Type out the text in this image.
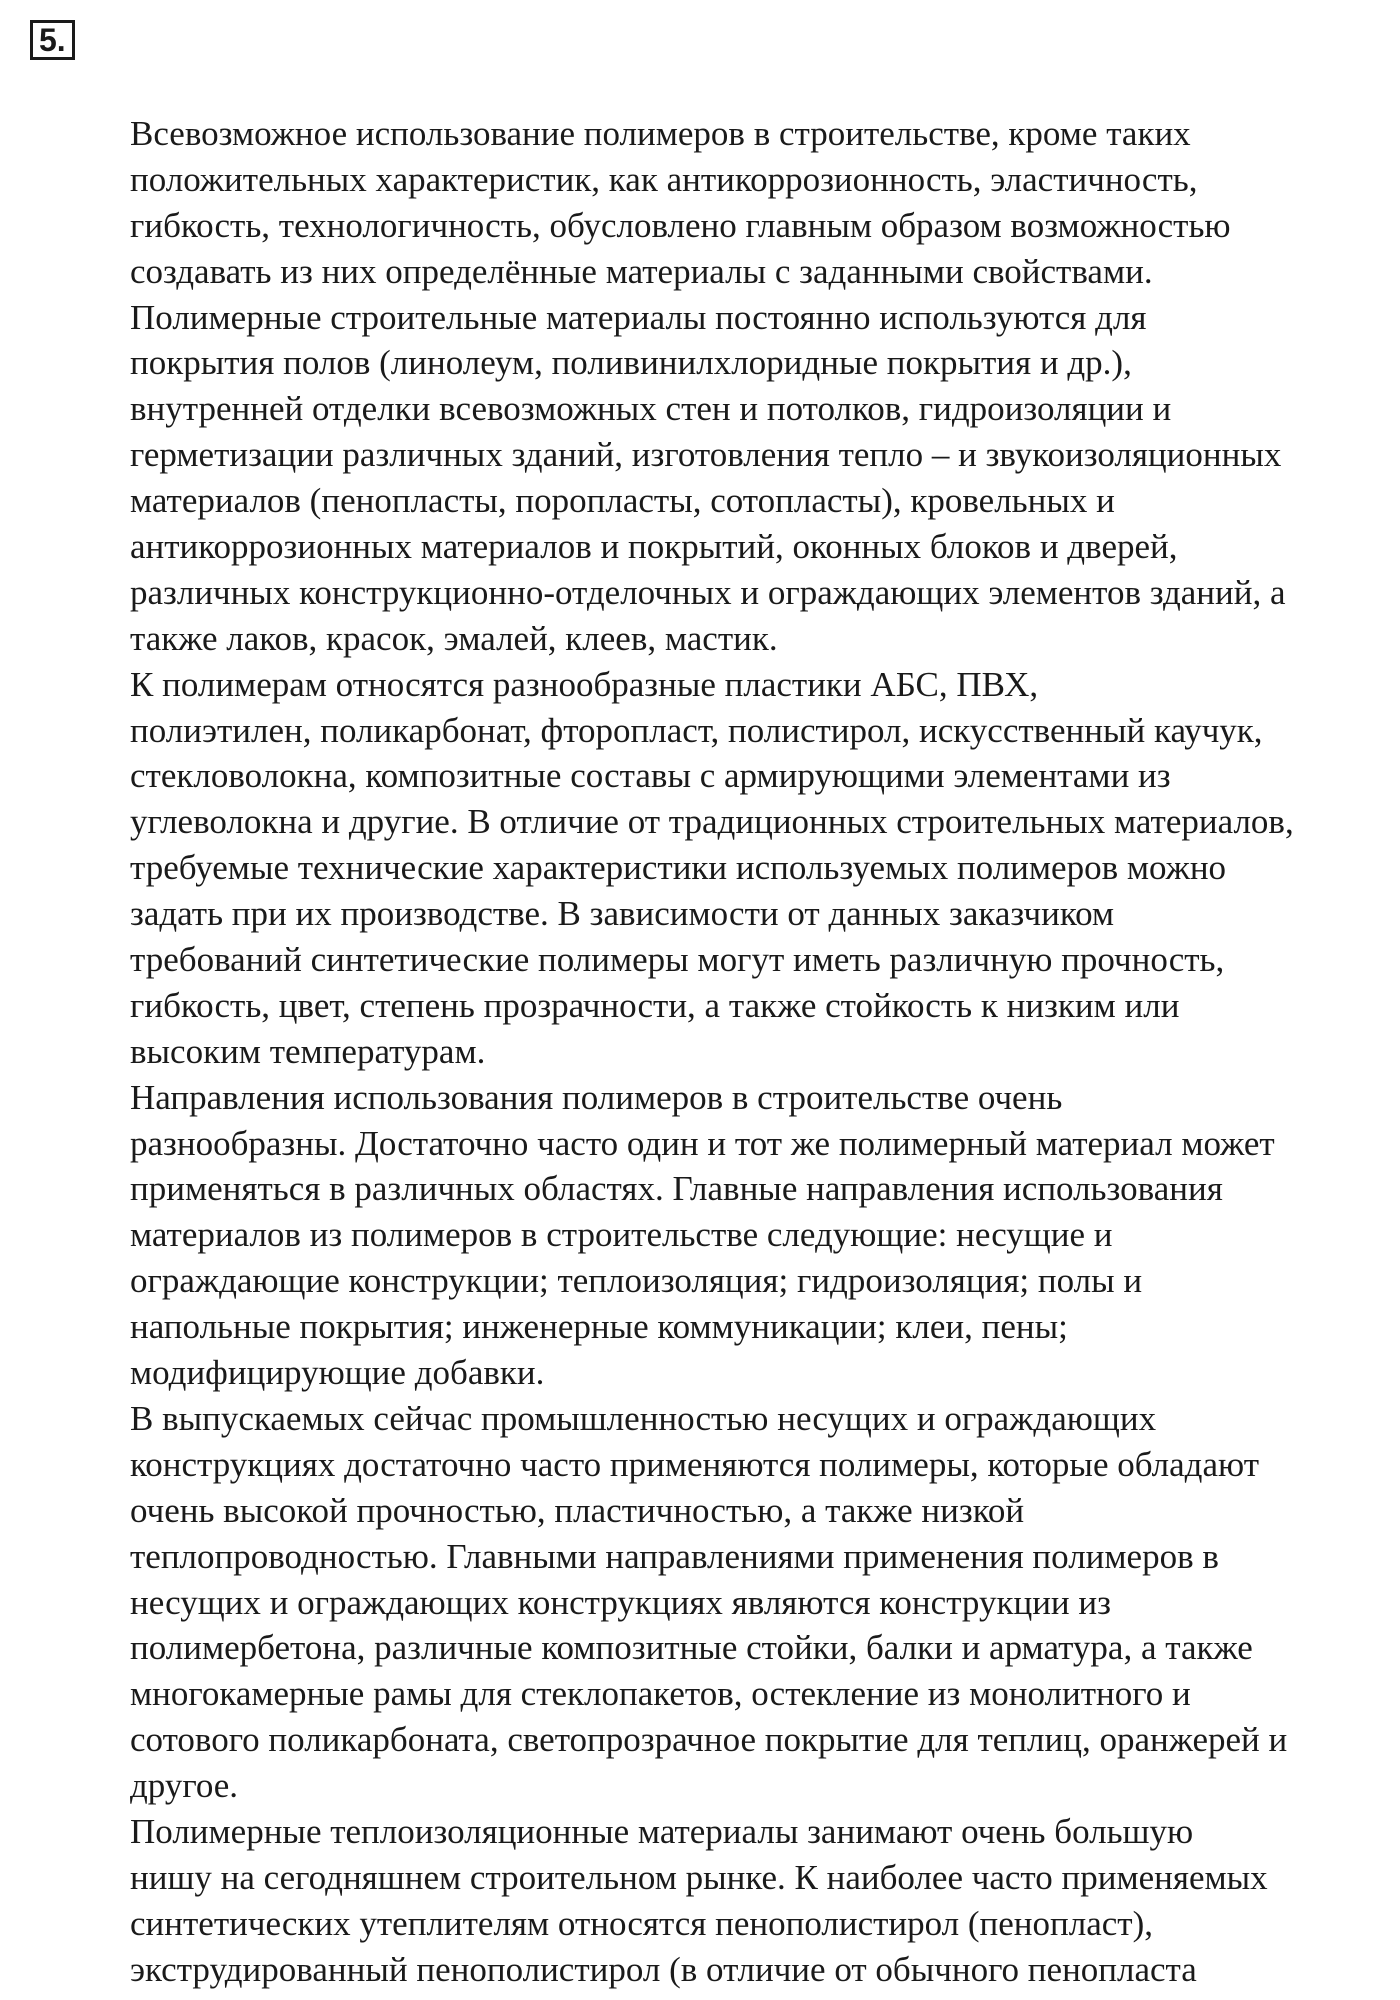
5.

Всевозможное использование полимеров в строительстве, кроме таких
положительных характеристик, как антикоррозионность, эластичность,
гибкость, технологичность, обусловлено главным образом возможностью
создавать из них определённые материалы с заданными свойствами.
Полимерные строительные материалы постоянно используются для
покрытия полов (линолеум, поливинилхлоридные покрытия и др.),
внутренней отделки всевозможных стен и потолков, гидроизоляции и
герметизации различных зданий, изготовления тепло – и звукоизоляционных
материалов (пенопласты, поропласты, сотопласты), кровельных и
антикоррозионных материалов и покрытий, оконных блоков и дверей,
различных конструкционно-отделочных и ограждающих элементов зданий, а
также лаков, красок, эмалей, клеев, мастик.

К полимерам относятся разнообразные пластики АБС, ПВХ,
полиэтилен, поликарбонат, фторопласт, полистирол, искусственный каучук,
стекловолокна, композитные составы с армирующими элементами из
углеволокна и другие. В отличие от традиционных строительных материалов,
требуемые технические характеристики используемых полимеров можно
задать при их производстве. В зависимости от данных заказчиком
требований синтетические полимеры могут иметь различную прочность,
гибкость, цвет, степень прозрачности, а также стойкость к низким или
высоким температурам.

Направления использования полимеров в строительстве очень
разнообразны. Достаточно часто один и тот же полимерный материал может
применяться в различных областях. Главные направления использования
материалов из полимеров в строительстве следующие: несущие и
ограждающие конструкции; теплоизоляция; гидроизоляция; полы и
напольные покрытия; инженерные коммуникации; клеи, пены;
модифицирующие добавки.

В выпускаемых сейчас промышленностью несущих и ограждающих
конструкциях достаточно часто применяются полимеры, которые обладают
очень высокой прочностью, пластичностью, а также низкой
теплопроводностью. Главными направлениями применения полимеров в
несущих и ограждающих конструкциях являются конструкции из
полимербетона, различные композитные стойки, балки и арматура, а также
многокамерные рамы для стеклопакетов, остекление из монолитного и
сотового поликарбоната, светопрозрачное покрытие для теплиц, оранжерей и
другое.

Полимерные теплоизоляционные материалы занимают очень большую
нишу на сегодняшнем строительном рынке. К наиболее часто применяемых
синтетических утеплителям относятся пенополистирол (пенопласт),
экструдированный пенополистирол (в отличие от обычного пенопласта
